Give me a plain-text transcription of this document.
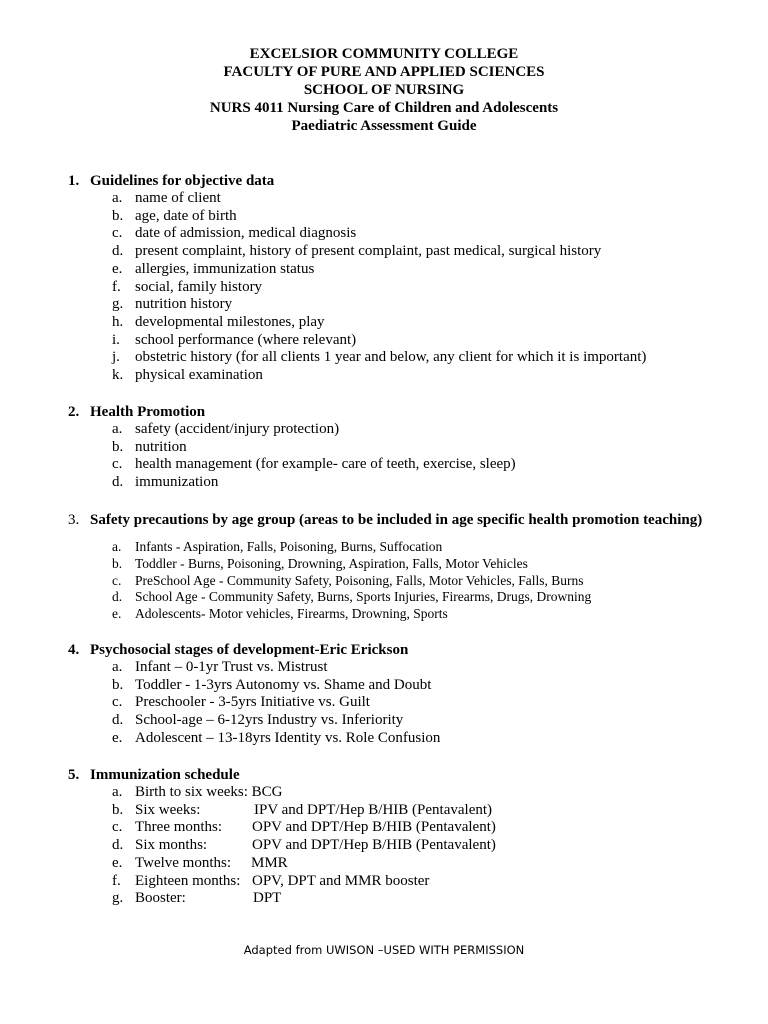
EXCELSIOR COMMUNITY COLLEGE
FACULTY OF PURE AND APPLIED SCIENCES
SCHOOL OF NURSING
NURS 4011 Nursing Care of Children and Adolescents
Paediatric Assessment Guide
1. Guidelines for objective data
a. name of client
b. age, date of birth
c. date of admission, medical diagnosis
d. present complaint, history of present complaint, past medical, surgical history
e. allergies, immunization status
f. social, family history
g. nutrition history
h. developmental milestones, play
i. school performance (where relevant)
j. obstetric history (for all clients 1 year and below, any client for which it is important)
k. physical examination
2. Health Promotion
a. safety (accident/injury protection)
b. nutrition
c. health management (for example- care of teeth, exercise, sleep)
d. immunization
3. Safety precautions by age group (areas to be included in age specific health promotion teaching)
a. Infants - Aspiration, Falls, Poisoning, Burns, Suffocation
b. Toddler - Burns, Poisoning, Drowning, Aspiration, Falls, Motor Vehicles
c. PreSchool Age - Community Safety, Poisoning, Falls, Motor Vehicles, Falls, Burns
d. School Age - Community Safety, Burns, Sports Injuries, Firearms, Drugs, Drowning
e. Adolescents- Motor vehicles, Firearms, Drowning, Sports
4. Psychosocial stages of development-Eric Erickson
a. Infant – 0-1yr Trust vs. Mistrust
b. Toddler - 1-3yrs Autonomy vs. Shame and Doubt
c. Preschooler - 3-5yrs Initiative vs. Guilt
d. School-age – 6-12yrs Industry vs. Inferiority
e. Adolescent – 13-18yrs Identity vs. Role Confusion
5. Immunization schedule
a. Birth to six weeks: BCG
b. Six weeks:	IPV and DPT/Hep B/HIB (Pentavalent)
c. Three months: OPV and DPT/Hep B/HIB (Pentavalent)
d. Six months:	OPV and DPT/Hep B/HIB (Pentavalent)
e. Twelve months: MMR
f. Eighteen months: OPV, DPT and MMR booster
g. Booster:	DPT
Adapted from UWISON –USED WITH PERMISSION
